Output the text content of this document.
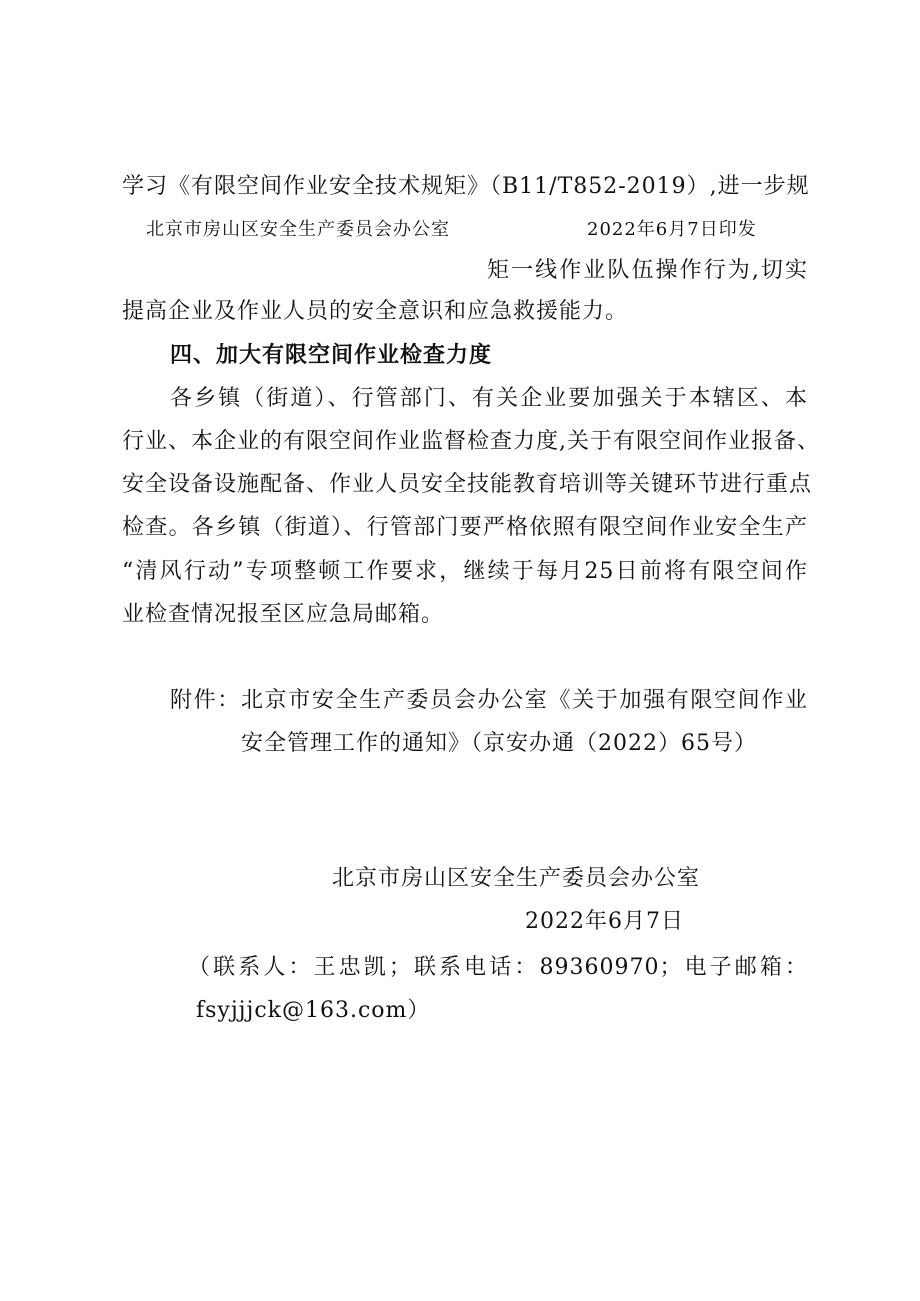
学习《有限空间作业安全技术规矩》（B11/T852-2019）,进一步规
北京市房山区安全生产委员会办公室	2022年6月7日印发
矩一线作业队伍操作行为,切实
提高企业及作业人员的安全意识和应急救援能力。
四、加大有限空间作业检查力度
各乡镇（街道）、行管部门、有关企业要加强关于本辖区、本
行业、本企业的有限空间作业监督检查力度,关于有限空间作业报备、
安全设备设施配备、作业人员安全技能教育培训等关键环节进行重点
检查。各乡镇（街道）、行管部门要严格依照有限空间作业安全生产
“清风行动”专项整顿工作要求，继续于每月25日前将有限空间作
业检查情况报至区应急局邮箱。
附件：北京市安全生产委员会办公室《关于加强有限空间作业
安全管理工作的通知》（京安办通（2022）65号）
北京市房山区安全生产委员会办公室
2022年6月7日
（联系人：王忠凯；联系电话：89360970；电子邮箱：
fsyjjjck@163.com）
